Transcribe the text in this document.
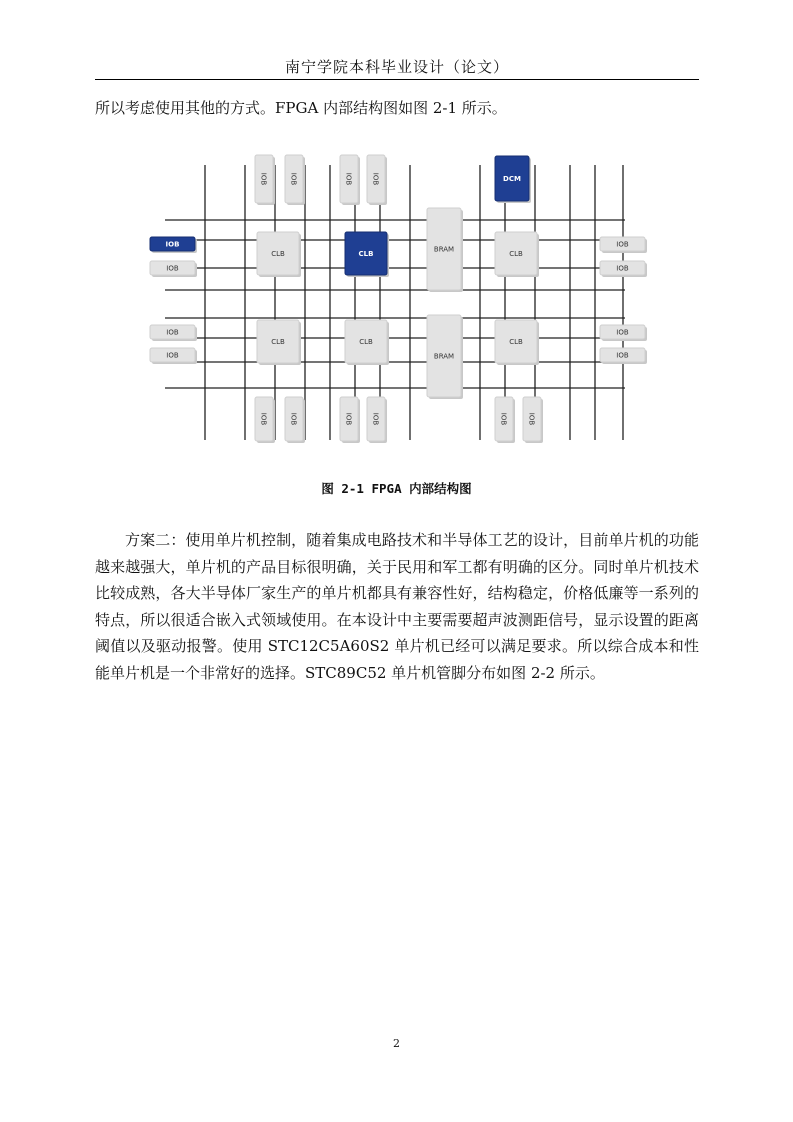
南宁学院本科毕业设计（论文）
所以考虑使用其他的方式。FPGA 内部结构图如图 2-1 所示。
IOB	IOB	IOB	IOB	DCM
IOB
IOB
IOB
IOB
IOB
IOB
IOB
IOB
CLB	CLB	CLB
CLB	CLB	CLB
BRAM
BRAM
IOB	IOB	IOB	IOB	IOB	IOB
图 2-1 FPGA 内部结构图

方案二：使用单片机控制，随着集成电路技术和半导体工艺的设计，目前单片机的功能越来越强大，单片机的产品目标很明确，关于民用和军工都有明确的区分。同时单片机技术比较成熟，各大半导体厂家生产的单片机都具有兼容性好，结构稳定，价格低廉等一系列的特点，所以很适合嵌入式领域使用。在本设计中主要需要超声波测距信号，显示设置的距离阈值以及驱动报警。使用 STC12C5A60S2 单片机已经可以满足要求。所以综合成本和性能单片机是一个非常好的选择。STC89C52 单片机管脚分布如图 2-2 所示。

2
